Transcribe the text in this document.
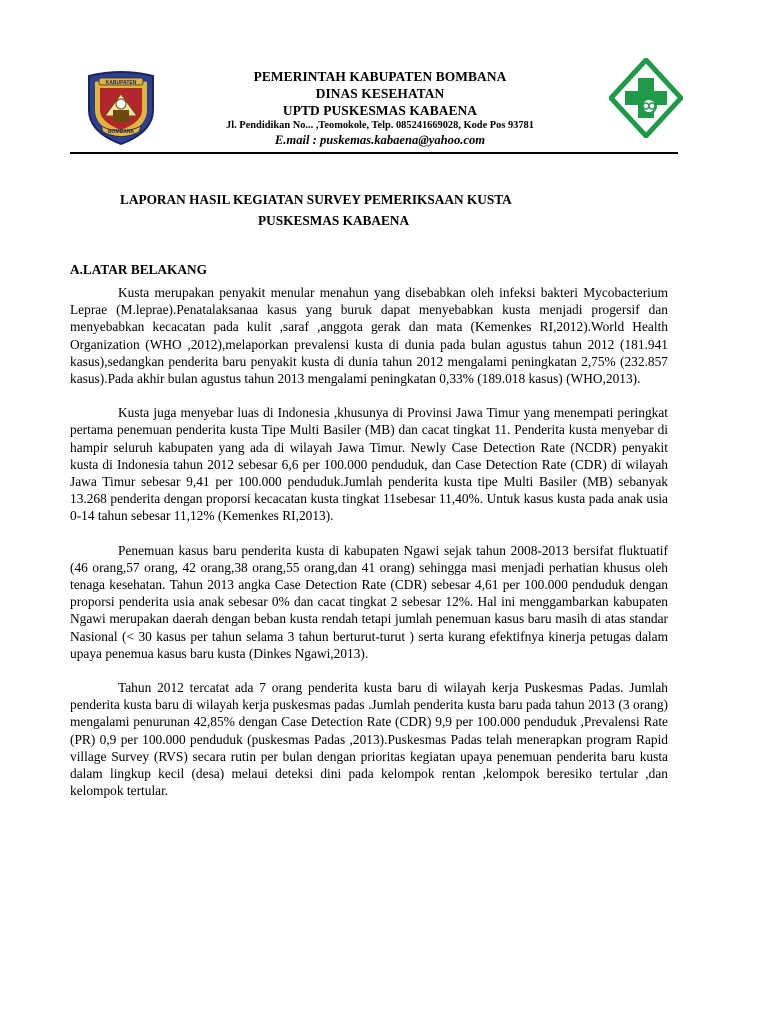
KABUPATEN
BOMBANA
PEMERINTAH KABUPATEN BOMBANA
DINAS KESEHATAN
UPTD PUSKESMAS KABAENA
Jl. Pendidikan No... ,Teomokole, Telp. 085241669028, Kode Pos 93781
E.mail : puskemas.kabaena@yahoo.com
LAPORAN HASIL KEGIATAN SURVEY PEMERIKSAAN KUSTA
PUSKESMAS KABAENA
A.LATAR BELAKANG

Kusta merupakan penyakit menular menahun yang disebabkan oleh infeksi bakteri Mycobacterium Leprae (M.leprae).Penatalaksanaa kasus yang buruk dapat menyebabkan kusta menjadi progersif dan menyebabkan kecacatan pada kulit ,saraf ,anggota gerak dan mata (Kemenkes RI,2012).World Health Organization (WHO ,2012),melaporkan prevalensi kusta di dunia pada bulan agustus tahun 2012 (181.941 kasus),sedangkan penderita baru penyakit kusta di dunia tahun 2012 mengalami peningkatan 2,75% (232.857 kasus).Pada akhir bulan agustus tahun 2013 mengalami peningkatan 0,33% (189.018 kasus) (WHO,2013).

Kusta juga menyebar luas di Indonesia ,khusunya di Provinsi Jawa Timur yang menempati peringkat pertama penemuan penderita kusta Tipe Multi Basiler (MB) dan cacat tingkat 11. Penderita kusta menyebar di hampir seluruh kabupaten yang ada di wilayah Jawa Timur. Newly Case Detection Rate (NCDR) penyakit kusta di Indonesia tahun 2012 sebesar 6,6 per 100.000 penduduk, dan Case Detection Rate (CDR) di wilayah Jawa Timur sebesar 9,41 per 100.000 penduduk.Jumlah penderita kusta tipe Multi Basiler (MB) sebanyak 13.268 penderita dengan proporsi kecacatan kusta tingkat 11sebesar 11,40%. Untuk kasus kusta pada anak usia 0-14 tahun sebesar 11,12% (Kemenkes RI,2013).

Penemuan kasus baru penderita kusta di kabupaten Ngawi sejak tahun 2008-2013 bersifat fluktuatif (46 orang,57 orang, 42 orang,38 orang,55 orang,dan 41 orang) sehingga masi menjadi perhatian khusus oleh tenaga kesehatan. Tahun 2013 angka Case Detection Rate (CDR) sebesar 4,61 per 100.000 penduduk dengan proporsi penderita usia anak sebesar 0% dan cacat tingkat 2 sebesar 12%. Hal ini menggambarkan kabupaten Ngawi merupakan daerah dengan beban kusta rendah tetapi jumlah penemuan kasus baru masih di atas standar Nasional (< 30 kasus per tahun selama 3 tahun berturut-turut ) serta kurang efektifnya kinerja petugas dalam upaya penemua kasus baru kusta (Dinkes Ngawi,2013).

Tahun 2012 tercatat ada 7 orang penderita kusta baru di wilayah kerja Puskesmas Padas. Jumlah penderita kusta baru di wilayah kerja puskesmas padas .Jumlah penderita kusta baru pada tahun 2013 (3 orang) mengalami penurunan 42,85% dengan Case Detection Rate (CDR) 9,9 per 100.000 penduduk ,Prevalensi Rate (PR) 0,9 per 100.000 penduduk (puskesmas Padas ,2013).Puskesmas Padas telah menerapkan program Rapid village Survey (RVS) secara rutin per bulan dengan prioritas kegiatan upaya penemuan penderita baru kusta dalam lingkup kecil (desa) melaui deteksi dini pada kelompok rentan ,kelompok beresiko tertular ,dan kelompok tertular.
